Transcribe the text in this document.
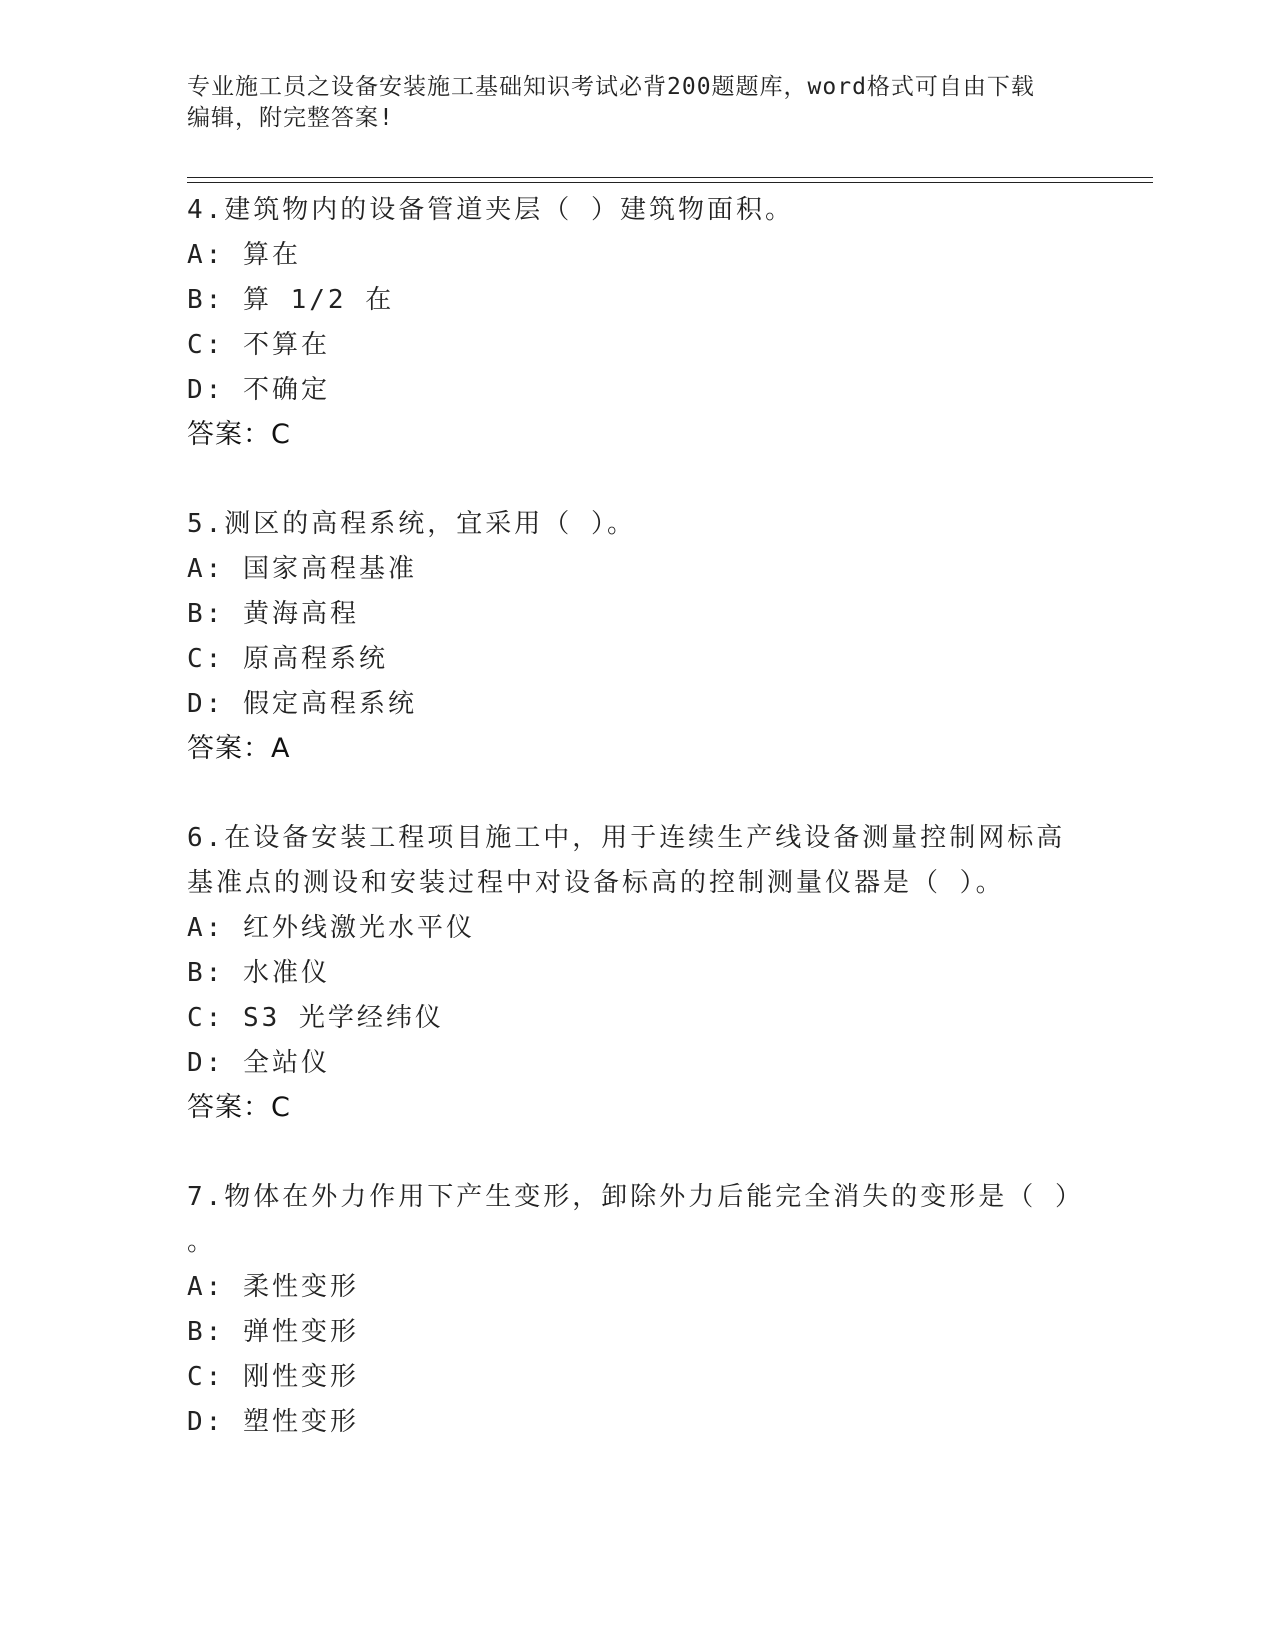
专业施工员之设备安装施工基础知识考试必背200题题库，word格式可自由下载
编辑，附完整答案!
4.建筑物内的设备管道夹层（ ）建筑物面积。
A: 算在
B: 算 1/2 在
C: 不算在
D: 不确定
答案：C
5.测区的高程系统，宜采用（ ）。
A: 国家高程基准
B: 黄海高程
C: 原高程系统
D: 假定高程系统
答案：A
6.在设备安装工程项目施工中，用于连续生产线设备测量控制网标高
基准点的测设和安装过程中对设备标高的控制测量仪器是（ ）。
A: 红外线激光水平仪
B: 水准仪
C: S3 光学经纬仪
D: 全站仪
答案：C
7.物体在外力作用下产生变形，卸除外力后能完全消失的变形是（ ）
。
A: 柔性变形
B: 弹性变形
C: 刚性变形
D: 塑性变形
